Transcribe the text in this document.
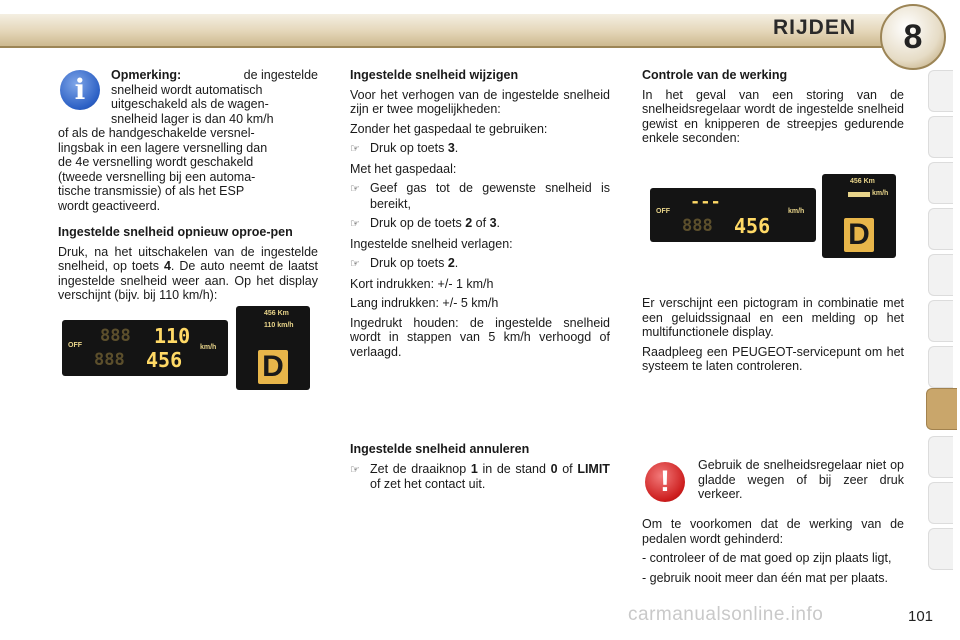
RIJDEN	8
i	Opmerking:	de ingestelde
snelheid wordt automatisch
uitgeschakeld als de wagen-
snelheid lager is dan 40 km/h
of als de handgeschakelde versnel-
lingsbak in een lagere versnelling dan
de 4e versnelling wordt geschakeld
(tweede versnelling bij een automa-
tische transmissie) of als het ESP
wordt geactiveerd.

Ingestelde snelheid opnieuw oproe-pen

Druk, na het uitschakelen van de ingestelde snelheid, op toets 4. De auto neemt de laatst ingestelde snelheid weer aan. Op het display verschijnt (bijv. bij 110 km/h):

OFF 888 110 km/h
888 456
456 Km
110 km/h
D

Ingestelde snelheid wijzigen

Voor het verhogen van de ingestelde snelheid zijn er twee mogelijkheden:

Zonder het gaspedaal te gebruiken:

☞ Druk op toets 3.

Met het gaspedaal:

☞ Geef gas tot de gewenste snelheid is bereikt,

☞ Druk op de toets 2 of 3.

Ingestelde snelheid verlagen:

☞ Druk op toets 2.

Kort indrukken: +/- 1 km/h

Lang indrukken: +/- 5 km/h

Ingedrukt houden: de ingestelde snelheid wordt in stappen van 5 km/h verhoogd of verlaagd.

Ingestelde snelheid annuleren

☞ Zet de draaiknop 1 in de stand 0 of LIMIT of zet het contact uit.

Controle van de werking

In het geval van een storing van de snelheidsregelaar wordt de ingestelde snelheid gewist en knipperen de streepjes gedurende enkele seconden:

OFF ---	km/h
888 456
456 Km
km/h
D

Er verschijnt een pictogram in combinatie met een geluidssignaal en een melding op het multifunctionele display.

Raadpleeg een PEUGEOT-servicepunt om het systeem te laten controleren.

!	Gebruik de snelheidsregelaar niet op gladde wegen of bij zeer druk verkeer.

Om te voorkomen dat de werking van de pedalen wordt gehinderd:

- controleer of de mat goed op zijn plaats ligt,

- gebruik nooit meer dan één mat per plaats.

carmanualsonline.info	101
